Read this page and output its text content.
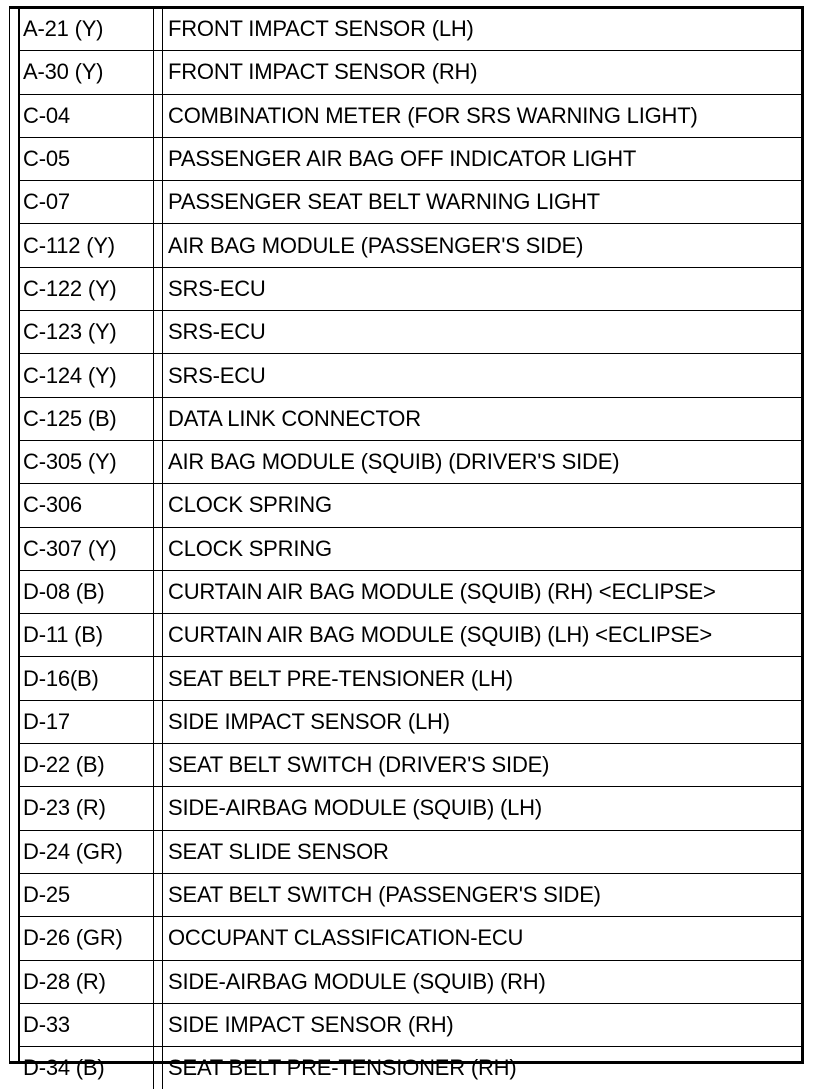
A-21 (Y)		FRONT IMPACT SENSOR (LH)
A-30 (Y)		FRONT IMPACT SENSOR (RH)
C-04		COMBINATION METER (FOR SRS WARNING LIGHT)
C-05		PASSENGER AIR BAG OFF INDICATOR LIGHT
C-07		PASSENGER SEAT BELT WARNING LIGHT
C-112 (Y)		AIR BAG MODULE (PASSENGER'S SIDE)
C-122 (Y)		SRS-ECU
C-123 (Y)		SRS-ECU
C-124 (Y)		SRS-ECU
C-125 (B)		DATA LINK CONNECTOR
C-305 (Y)		AIR BAG MODULE (SQUIB) (DRIVER'S SIDE)
C-306		CLOCK SPRING
C-307 (Y)		CLOCK SPRING
D-08 (B)		CURTAIN AIR BAG MODULE (SQUIB) (RH) <ECLIPSE>
D-11 (B)		CURTAIN AIR BAG MODULE (SQUIB) (LH) <ECLIPSE>
D-16(B)		SEAT BELT PRE-TENSIONER (LH)
D-17		SIDE IMPACT SENSOR (LH)
D-22 (B)		SEAT BELT SWITCH (DRIVER'S SIDE)
D-23 (R)		SIDE-AIRBAG MODULE (SQUIB) (LH)
D-24 (GR)		SEAT SLIDE SENSOR
D-25		SEAT BELT SWITCH (PASSENGER'S SIDE)
D-26 (GR)		OCCUPANT CLASSIFICATION-ECU
D-28 (R)		SIDE-AIRBAG MODULE (SQUIB) (RH)
D-33		SIDE IMPACT SENSOR (RH)
D-34 (B)		SEAT BELT PRE-TENSIONER (RH)
